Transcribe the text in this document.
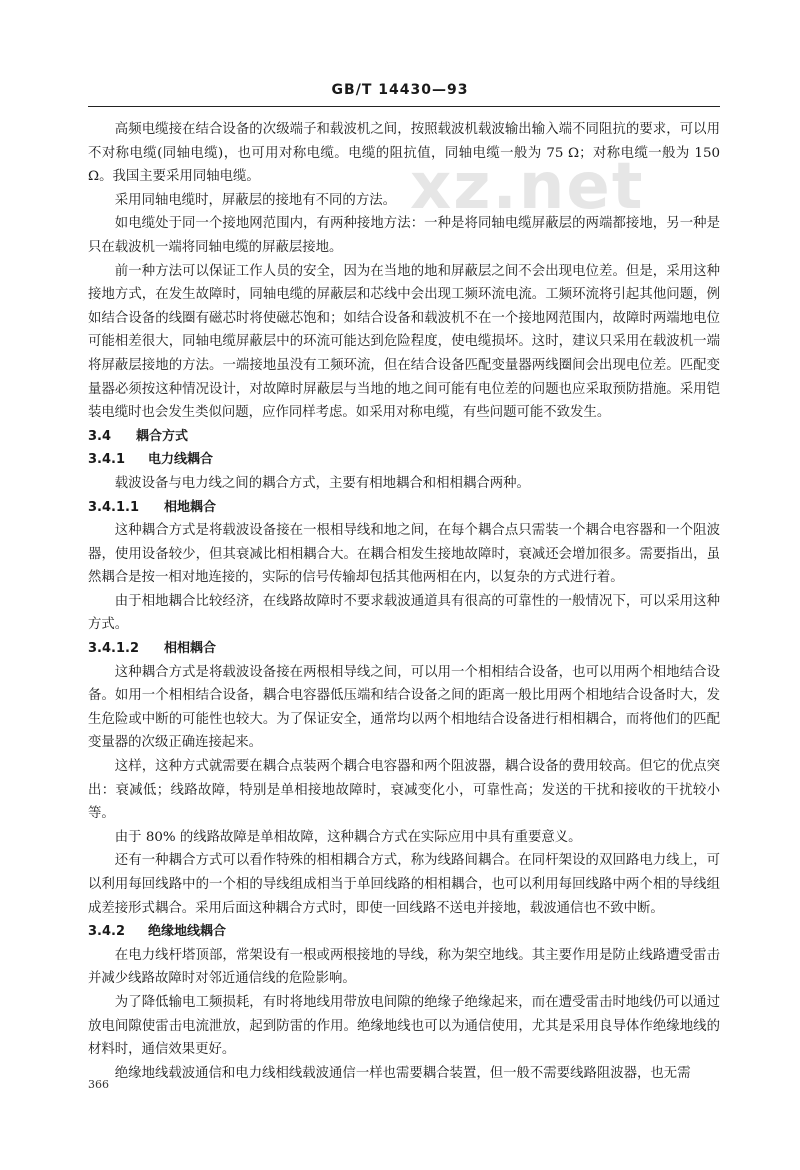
GB/T 14430—93
xz.net

高频电缆接在结合设备的次级端子和载波机之间，按照载波机载波输出输入端不同阻抗的要求，可以用不对称电缆(同轴电缆)，也可用对称电缆。电缆的阻抗值，同轴电缆一般为 75 Ω；对称电缆一般为 150 Ω。我国主要采用同轴电缆。

采用同轴电缆时，屏蔽层的接地有不同的方法。

如电缆处于同一个接地网范围内，有两种接地方法：一种是将同轴电缆屏蔽层的两端都接地，另一种是只在载波机一端将同轴电缆的屏蔽层接地。

前一种方法可以保证工作人员的安全，因为在当地的地和屏蔽层之间不会出现电位差。但是，采用这种接地方式，在发生故障时，同轴电缆的屏蔽层和芯线中会出现工频环流电流。工频环流将引起其他问题，例如结合设备的线圈有磁芯时将使磁芯饱和；如结合设备和载波机不在一个接地网范围内，故障时两端地电位可能相差很大，同轴电缆屏蔽层中的环流可能达到危险程度，使电缆损坏。这时，建议只采用在载波机一端将屏蔽层接地的方法。一端接地虽没有工频环流，但在结合设备匹配变量器两线圈间会出现电位差。匹配变量器必须按这种情况设计，对故障时屏蔽层与当地的地之间可能有电位差的问题也应采取预防措施。采用铠装电缆时也会发生类似问题，应作同样考虑。如采用对称电缆，有些问题可能不致发生。

3.4 耦合方式
3.4.1 电力线耦合

载波设备与电力线之间的耦合方式，主要有相地耦合和相相耦合两种。

3.4.1.1 相地耦合

这种耦合方式是将载波设备接在一根相导线和地之间，在每个耦合点只需装一个耦合电容器和一个阻波器，使用设备较少，但其衰减比相相耦合大。在耦合相发生接地故障时，衰减还会增加很多。需要指出，虽然耦合是按一相对地连接的，实际的信号传输却包括其他两相在内，以复杂的方式进行着。

由于相地耦合比较经济，在线路故障时不要求载波通道具有很高的可靠性的一般情况下，可以采用这种方式。

3.4.1.2 相相耦合

这种耦合方式是将载波设备接在两根相导线之间，可以用一个相相结合设备，也可以用两个相地结合设备。如用一个相相结合设备，耦合电容器低压端和结合设备之间的距离一般比用两个相地结合设备时大，发生危险或中断的可能性也较大。为了保证安全，通常均以两个相地结合设备进行相相耦合，而将他们的匹配变量器的次级正确连接起来。

这样，这种方式就需要在耦合点装两个耦合电容器和两个阻波器，耦合设备的费用较高。但它的优点突出：衰减低；线路故障，特别是单相接地故障时，衰减变化小，可靠性高；发送的干扰和接收的干扰较小等。

由于 80% 的线路故障是单相故障，这种耦合方式在实际应用中具有重要意义。

还有一种耦合方式可以看作特殊的相相耦合方式，称为线路间耦合。在同杆架设的双回路电力线上，可以利用每回线路中的一个相的导线组成相当于单回线路的相相耦合，也可以利用每回线路中两个相的导线组成差接形式耦合。采用后面这种耦合方式时，即使一回线路不送电并接地，载波通信也不致中断。

3.4.2 绝缘地线耦合

在电力线杆塔顶部，常架设有一根或两根接地的导线，称为架空地线。其主要作用是防止线路遭受雷击并减少线路故障时对邻近通信线的危险影响。

为了降低输电工频损耗，有时将地线用带放电间隙的绝缘子绝缘起来，而在遭受雷击时地线仍可以通过放电间隙使雷击电流泄放，起到防雷的作用。绝缘地线也可以为通信使用，尤其是采用良导体作绝缘地线的材料时，通信效果更好。

绝缘地线载波通信和电力线相线载波通信一样也需要耦合装置，但一般不需要线路阻波器，也无需

366
